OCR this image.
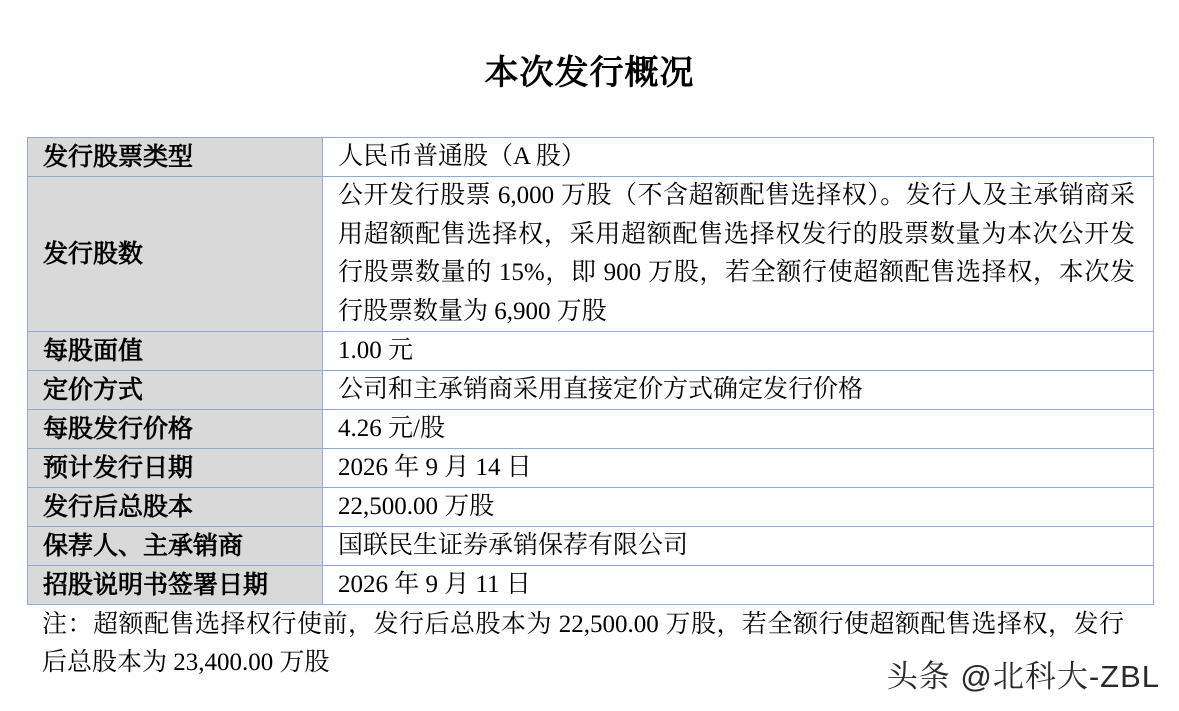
本次发行概况
发行股票类型	人民币普通股（A 股）
发行股数	公开发行股票 6,000 万股（不含超额配售选择权）。发行人及主承销商采用超额配售选择权，采用超额配售选择权发行的股票数量为本次公开发行股票数量的 15%，即 900 万股，若全额行使超额配售选择权，本次发行股票数量为 6,900 万股

每股面值	1.00 元
定价方式	公司和主承销商采用直接定价方式确定发行价格
每股发行价格	4.26 元/股
预计发行日期	2026 年 9 月 14 日
发行后总股本	22,500.00 万股
保荐人、主承销商	国联民生证券承销保荐有限公司
招股说明书签署日期	2026 年 9 月 11 日
注：超额配售选择权行使前，发行后总股本为 22,500.00 万股，若全额行使超额配售选择权，发行后总股本为 23,400.00 万股	头条 @北科大-ZBL
